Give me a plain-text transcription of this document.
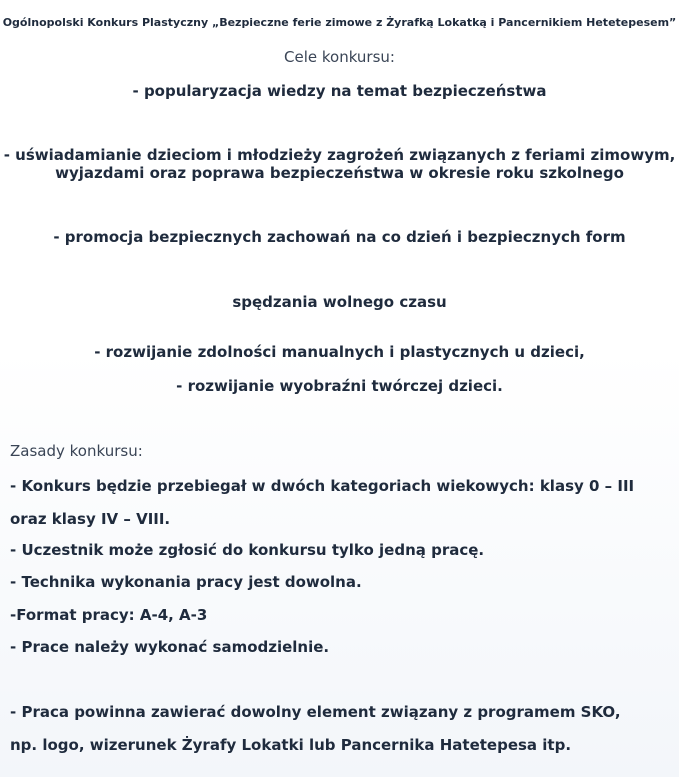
Ogólnopolski Konkurs Plastyczny „Bezpieczne ferie zimowe z Żyrafką Lokatką i Pancernikiem Hetetepesem”
Cele konkursu:
- popularyzacja wiedzy na temat bezpieczeństwa
- uświadamianie dzieciom i młodzieży zagrożeń związanych z feriami zimowym,
wyjazdami oraz poprawa bezpieczeństwa w okresie roku szkolnego
- promocja bezpiecznych zachowań na co dzień i bezpiecznych form
spędzania wolnego czasu
- rozwijanie zdolności manualnych i plastycznych u dzieci,
- rozwijanie wyobraźni twórczej dzieci.
Zasady konkursu:
- Konkurs będzie przebiegał w dwóch kategoriach wiekowych: klasy 0 – III
oraz klasy IV – VIII.
- Uczestnik może zgłosić do konkursu tylko jedną pracę.
- Technika wykonania pracy jest dowolna.
-Format pracy: A-4, A-3
- Prace należy wykonać samodzielnie.
- Praca powinna zawierać dowolny element związany z programem SKO,
np. logo, wizerunek Żyrafy Lokatki lub Pancernika Hatetepesa itp.
